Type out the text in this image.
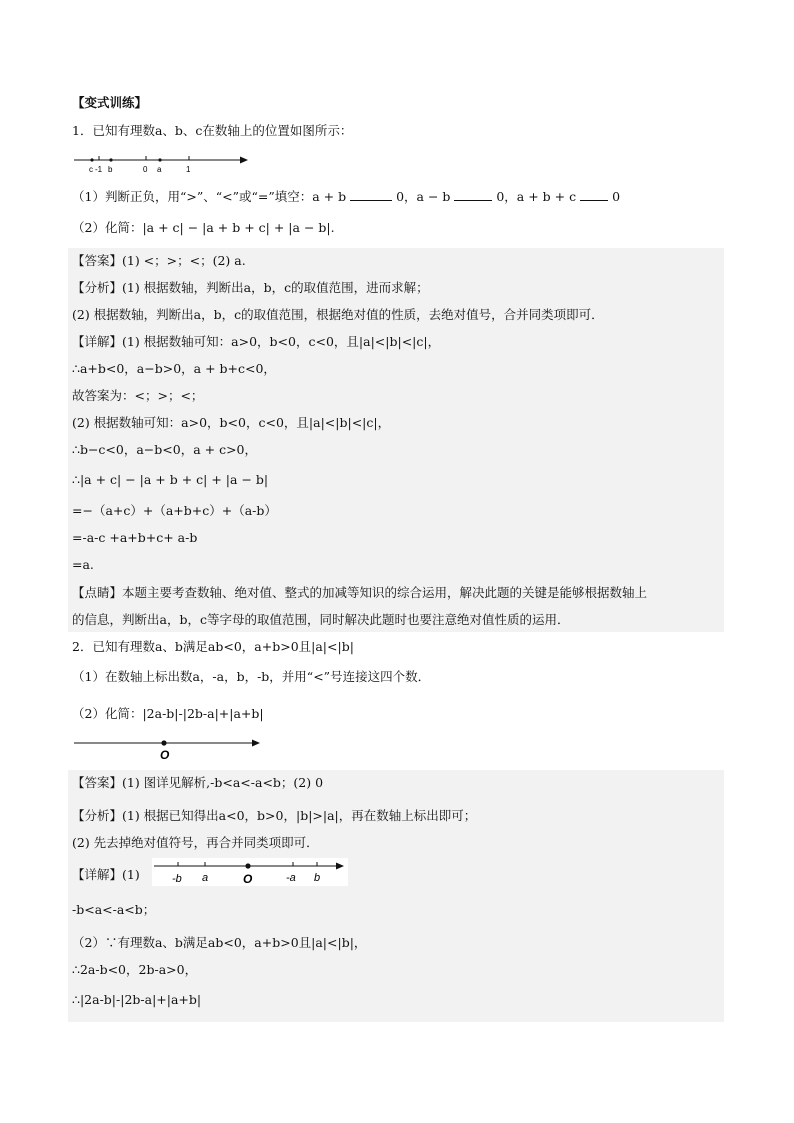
【变式训练】
1．已知有理数a、b、c在数轴上的位置如图所示：
c -1 b	0 a	1
（1）判断正负，用“>”、“<”或“=”填空：a + b	0，a − b	0，a + b + c	0
（2）化简：|a + c| − |a + b + c| + |a − b|.
【答案】(1) <；>；<；(2) a.
【分析】(1) 根据数轴，判断出a，b，c的取值范围，进而求解；
(2) 根据数轴，判断出a，b，c的取值范围，根据绝对值的性质，去绝对值号，合并同类项即可．
【详解】(1) 根据数轴可知：a>0，b<0，c<0，且|a|<|b|<|c|，
∴a+b<0，a−b>0，a + b+c<0，
故答案为：<；>；<；
(2) 根据数轴可知：a>0，b<0，c<0，且|a|<|b|<|c|，
∴b−c<0，a−b<0，a + c>0，
∴|a + c| − |a + b + c| + |a − b|
=−（a+c）+（a+b+c）+（a-b）
=-a-c +a+b+c+ a-b
=a.
【点睛】本题主要考查数轴、绝对值、整式的加减等知识的综合运用，解决此题的关键是能够根据数轴上
的信息，判断出a，b，c等字母的取值范围，同时解决此题时也要注意绝对值性质的运用．
2．已知有理数a、b满足ab<0，a+b>0且|a|<|b|
（1）在数轴上标出数a，-a，b，-b，并用“<”号连接这四个数．
（2）化简：|2a-b|-|2b-a|+|a+b|
O
【答案】(1) 图详见解析,-b<a<-a<b；(2) 0
【分析】(1) 根据已知得出a<0，b>0，|b|>|a|，再在数轴上标出即可；
(2) 先去掉绝对值符号，再合并同类项即可．
【详解】(1)	-b a	O	-a b
-b<a<-a<b；
（2）∵有理数a、b满足ab<0，a+b>0且|a|<|b|，
∴2a-b<0，2b-a>0，
∴|2a-b|-|2b-a|+|a+b|
